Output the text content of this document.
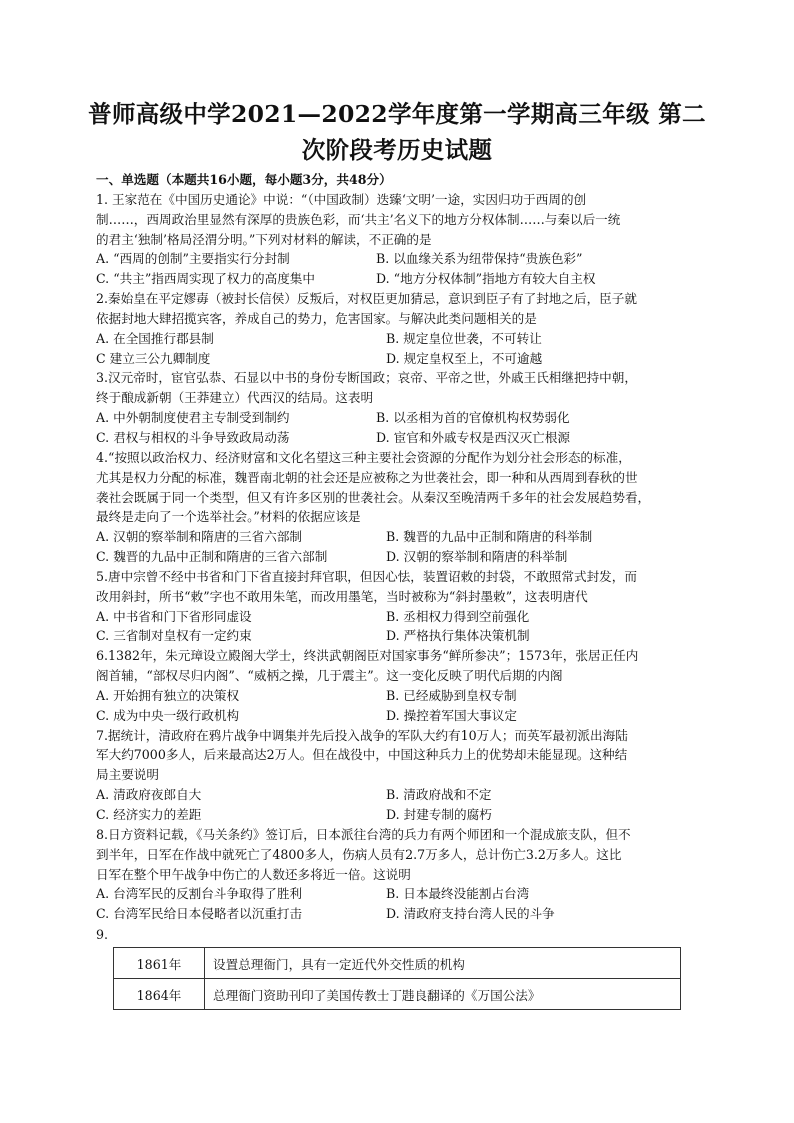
普师高级中学2021—2022学年度第一学期高三年级 第二
次阶段考历史试题

一、单选题（本题共16小题，每小题3分，共48分）

1. 王家范在《中国历史通论》中说：“（中国政制）迭臻‘文明’一途，实因归功于西周的创

制……，西周政治里显然有深厚的贵族色彩，而‘共主’名义下的地方分权体制……与秦以后一统

的君主‘独制’格局泾渭分明。”下列对材料的解读，不正确的是

A. “西周的创制”主要指实行分封制	B. 以血缘关系为纽带保持“贵族色彩”
C. “共主”指西周实现了权力的高度集中	D. “地方分权体制”指地方有较大自主权

2.秦始皇在平定嫪毐（被封长信侯）反叛后，对权臣更加猜忌，意识到臣子有了封地之后，臣子就

依据封地大肆招揽宾客，养成自己的势力，危害国家。与解决此类问题相关的是

A. 在全国推行郡县制	B. 规定皇位世袭，不可转让
C 建立三公九卿制度	D. 规定皇权至上，不可逾越

3.汉元帝时，宦官弘恭、石显以中书的身份专断国政；哀帝、平帝之世，外戚王氏相继把持中朝，

终于酿成新朝（王莽建立）代西汉的结局。这表明

A. 中外朝制度使君主专制受到制约	B. 以丞相为首的官僚机构权势弱化
C. 君权与相权的斗争导致政局动荡	D. 宦官和外戚专权是西汉灭亡根源

4.“按照以政治权力、经济财富和文化名望这三种主要社会资源的分配作为划分社会形态的标准，

尤其是权力分配的标准，魏晋南北朝的社会还是应被称之为世袭社会，即一种和从西周到春秋的世

袭社会既属于同一个类型，但又有许多区别的世袭社会。从秦汉至晚清两千多年的社会发展趋势看，

最终是走向了一个选举社会。”材料的依据应该是

A. 汉朝的察举制和隋唐的三省六部制	B. 魏晋的九品中正制和隋唐的科举制
C. 魏晋的九品中正制和隋唐的三省六部制	D. 汉朝的察举制和隋唐的科举制

5.唐中宗曾不经中书省和门下省直接封拜官职，但因心怯，装置诏敕的封袋，不敢照常式封发，而

改用斜封，所书“敕”字也不敢用朱笔，而改用墨笔，当时被称为“斜封墨敕”，这表明唐代

A. 中书省和门下省形同虚设	B. 丞相权力得到空前强化
C. 三省制对皇权有一定约束	D. 严格执行集体决策机制

6.1382年，朱元璋设立殿阁大学士，终洪武朝阁臣对国家事务“鲜所参决”；1573年，张居正任内

阁首辅，“部权尽归内阁”、“威柄之操，几于震主”。这一变化反映了明代后期的内阁

A. 开始拥有独立的决策权	B. 已经威胁到皇权专制
C. 成为中央一级行政机构	D. 操控着军国大事议定

7.据统计，清政府在鸦片战争中调集并先后投入战争的军队大约有10万人；而英军最初派出海陆

军大约7000多人，后来最高达2万人。但在战役中，中国这种兵力上的优势却未能显现。这种结

局主要说明

A. 清政府夜郎自大	B. 清政府战和不定
C. 经济实力的差距	D. 封建专制的腐朽

8.日方资料记载，《马关条约》签订后，日本派往台湾的兵力有两个师团和一个混成旅支队，但不

到半年，日军在作战中就死亡了4800多人，伤病人员有2.7万多人，总计伤亡3.2万多人。这比

日军在整个甲午战争中伤亡的人数还多将近一倍。这说明

A. 台湾军民的反割台斗争取得了胜利	B. 日本最终没能割占台湾
C. 台湾军民给日本侵略者以沉重打击	D. 清政府支持台湾人民的斗争
9.
1861年	设置总理衙门，具有一定近代外交性质的机构
1864年	总理衙门资助刊印了美国传教士丁韪良翻译的《万国公法》
